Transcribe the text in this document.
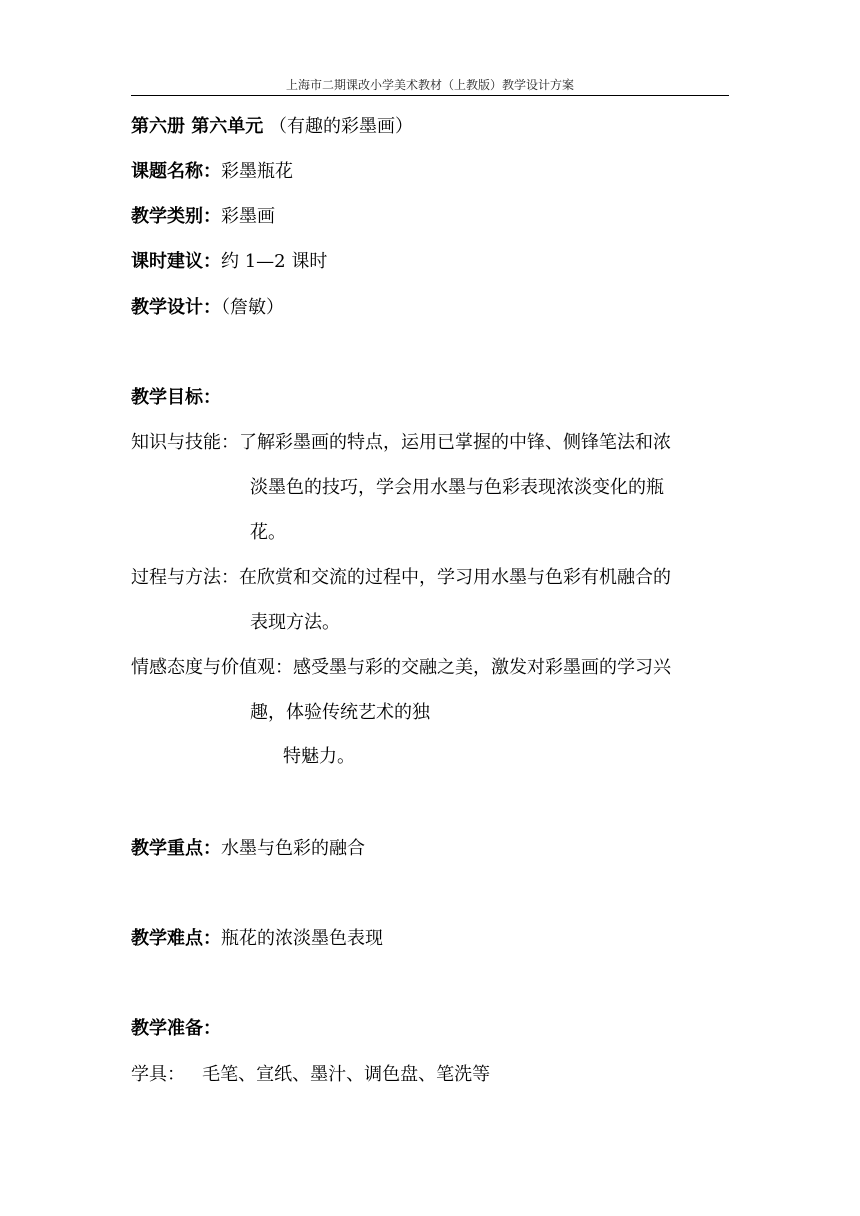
上海市二期课改小学美术教材（上教版）教学设计方案
第六册 第六单元 （有趣的彩墨画）
课题名称：彩墨瓶花
教学类别：彩墨画
课时建议：约 1—2 课时
教学设计：（詹敏）
教学目标：
知识与技能：了解彩墨画的特点，运用已掌握的中锋、侧锋笔法和浓
淡墨色的技巧，学会用水墨与色彩表现浓淡变化的瓶
花。
过程与方法：在欣赏和交流的过程中，学习用水墨与色彩有机融合的
表现方法。
情感态度与价值观：感受墨与彩的交融之美，激发对彩墨画的学习兴
趣，体验传统艺术的独
特魅力。
教学重点：水墨与色彩的融合
教学难点：瓶花的浓淡墨色表现
教学准备：
学具：   毛笔、宣纸、墨汁、调色盘、笔洗等
